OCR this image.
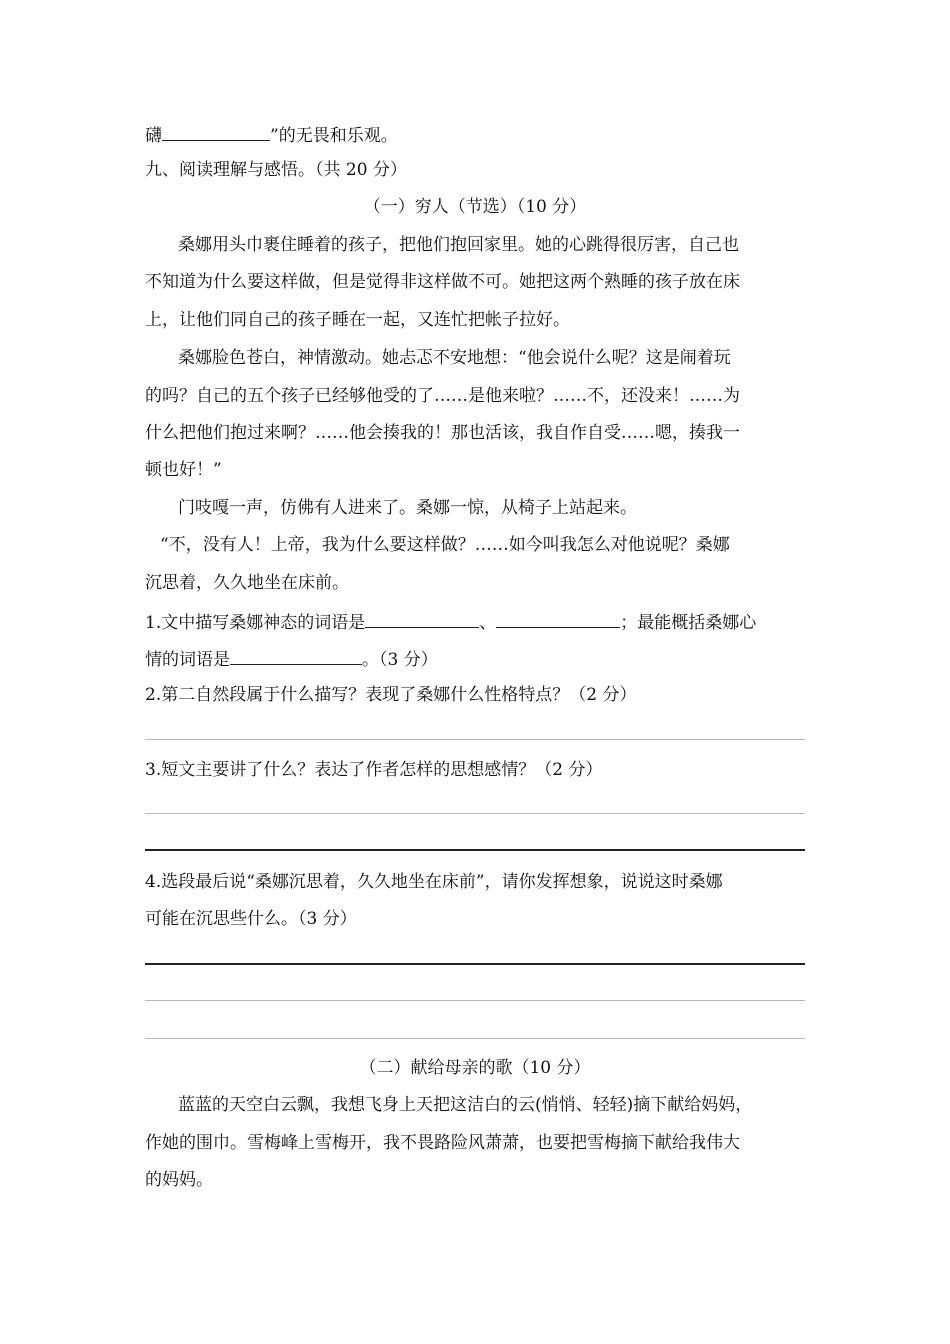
礴	”的无畏和乐观。
九、阅读理解与感悟。（共 20 分）
（一）穷人（节选）（10 分）
桑娜用头巾裹住睡着的孩子，把他们抱回家里。她的心跳得很厉害，自己也
不知道为什么要这样做，但是觉得非这样做不可。她把这两个熟睡的孩子放在床
上，让他们同自己的孩子睡在一起，又连忙把帐子拉好。
桑娜脸色苍白，神情激动。她忐忑不安地想：“他会说什么呢？这是闹着玩
的吗？自己的五个孩子已经够他受的了……是他来啦？……不，还没来！……为
什么把他们抱过来啊？……他会揍我的！那也活该，我自作自受……嗯，揍我一
顿也好！”
门吱嘎一声，仿佛有人进来了。桑娜一惊，从椅子上站起来。
“不，没有人！上帝，我为什么要这样做？……如今叫我怎么对他说呢？桑娜
沉思着，久久地坐在床前。
1.文中描写桑娜神态的词语是	、	；最能概括桑娜心
情的词语是	。（3 分）
2.第二自然段属于什么描写？表现了桑娜什么性格特点？（2 分）
3.短文主要讲了什么？表达了作者怎样的思想感情？（2 分）
4.选段最后说“桑娜沉思着，久久地坐在床前”，请你发挥想象，说说这时桑娜
可能在沉思些什么。（3 分）
（二）献给母亲的歌（10 分）
蓝蓝的天空白云飘，我想飞身上天把这洁白的云(悄悄、轻轻)摘下献给妈妈，
作她的围巾。雪梅峰上雪梅开，我不畏路险风萧萧，也要把雪梅摘下献给我伟大
的妈妈。
